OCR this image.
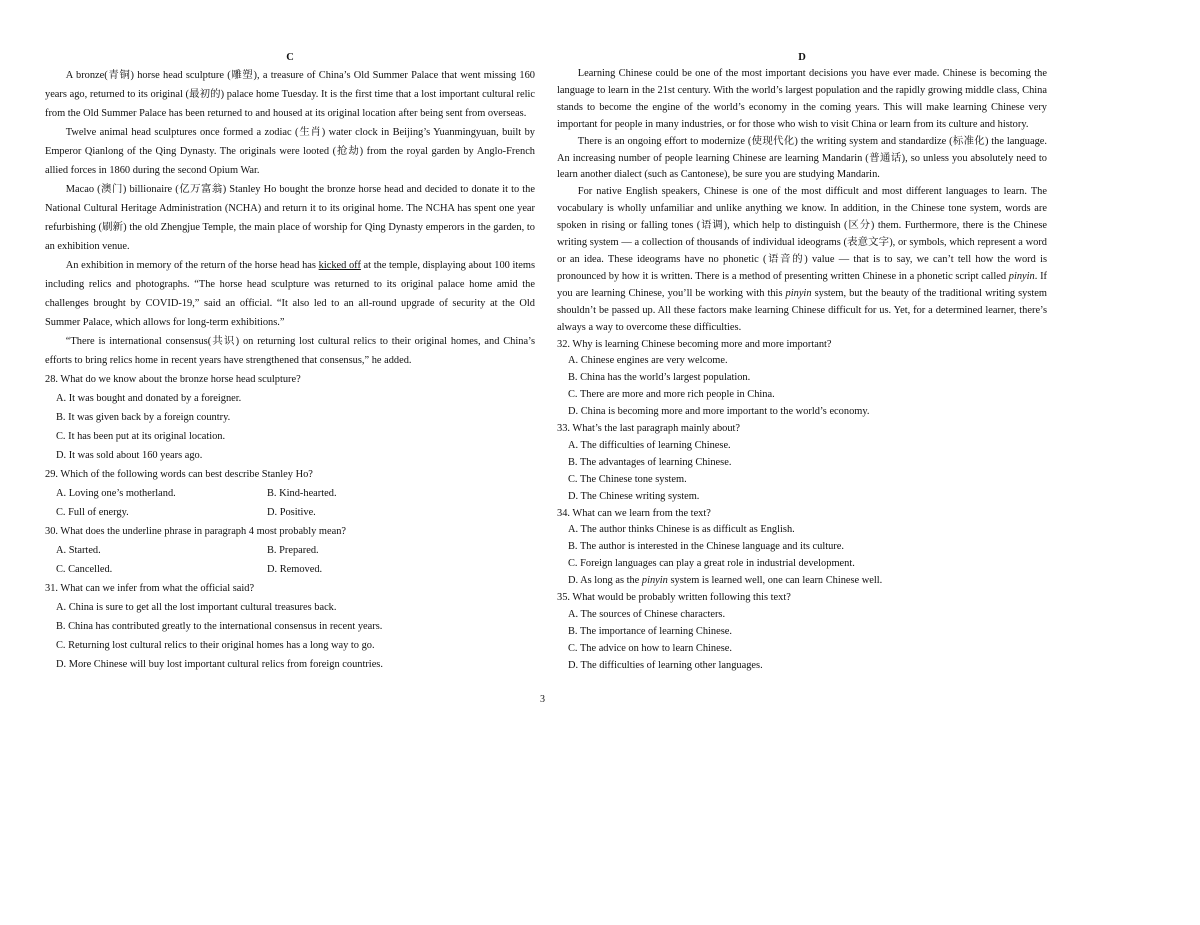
C

A bronze(青铜) horse head sculpture (雕塑), a treasure of China’s Old Summer Palace that went missing 160 years ago, returned to its original (最初的) palace home Tuesday. It is the first time that a lost important cultural relic from the Old Summer Palace has been returned to and housed at its original location after being sent from overseas.

Twelve animal head sculptures once formed a zodiac (生肖) water clock in Beijing’s Yuanmingyuan, built by Emperor Qianlong of the Qing Dynasty. The originals were looted (抢劫) from the royal garden by Anglo-French allied forces in 1860 during the second Opium War.

Macao (澳门) billionaire (亿万富翁) Stanley Ho bought the bronze horse head and decided to donate it to the National Cultural Heritage Administration (NCHA) and return it to its original home. The NCHA has spent one year refurbishing (刷新) the old Zhengjue Temple, the main place of worship for Qing Dynasty emperors in the garden, to an exhibition venue.

An exhibition in memory of the return of the horse head has kicked off at the temple, displaying about 100 items including relics and photographs. “The horse head sculpture was returned to its original palace home amid the challenges brought by COVID-19,” said an official. “It also led to an all-round upgrade of security at the Old Summer Palace, which allows for long-term exhibitions.”

“There is international consensus(共识) on returning lost cultural relics to their original homes, and China’s efforts to bring relics home in recent years have strengthened that consensus,” he added.

28. What do we know about the bronze horse head sculpture?

A. It was bought and donated by a foreigner.

B. It was given back by a foreign country.

C. It has been put at its original location.

D. It was sold about 160 years ago.

29. Which of the following words can best describe Stanley Ho?

A. Loving one’s motherland.	B. Kind-hearted.
C. Full of energy.	D. Positive.

30. What does the underline phrase in paragraph 4 most probably mean?

A. Started.	B. Prepared.
C. Cancelled.	D. Removed.

31. What can we infer from what the official said?

A. China is sure to get all the lost important cultural treasures back.

B. China has contributed greatly to the international consensus in recent years.

C. Returning lost cultural relics to their original homes has a long way to go.

D. More Chinese will buy lost important cultural relics from foreign countries.

D

Learning Chinese could be one of the most important decisions you have ever made. Chinese is becoming the language to learn in the 21st century. With the world’s largest population and the rapidly growing middle class, China stands to become the engine of the world’s economy in the coming years. This will make learning Chinese very important for people in many industries, or for those who wish to visit China or learn from its culture and history.

There is an ongoing effort to modernize (使现代化) the writing system and standardize (标准化) the language. An increasing number of people learning Chinese are learning Mandarin (普通话), so unless you absolutely need to learn another dialect (such as Cantonese), be sure you are studying Mandarin.

For native English speakers, Chinese is one of the most difficult and most different languages to learn. The vocabulary is wholly unfamiliar and unlike anything we know. In addition, in the Chinese tone system, words are spoken in rising or falling tones (语调), which help to distinguish (区分) them. Furthermore, there is the Chinese writing system — a collection of thousands of individual ideograms (表意文字), or symbols, which represent a word or an idea. These ideograms have no phonetic (语音的) value — that is to say, we can’t tell how the word is pronounced by how it is written. There is a method of presenting written Chinese in a phonetic script called pinyin. If you are learning Chinese, you’ll be working with this pinyin system, but the beauty of the traditional writing system shouldn’t be passed up. All these factors make learning Chinese difficult for us. Yet, for a determined learner, there’s always a way to overcome these difficulties.

32. Why is learning Chinese becoming more and more important?

A. Chinese engines are very welcome.

B. China has the world’s largest population.

C. There are more and more rich people in China.

D. China is becoming more and more important to the world’s economy.

33. What’s the last paragraph mainly about?

A. The difficulties of learning Chinese.

B. The advantages of learning Chinese.

C. The Chinese tone system.

D. The Chinese writing system.

34. What can we learn from the text?

A. The author thinks Chinese is as difficult as English.

B. The author is interested in the Chinese language and its culture.

C. Foreign languages can play a great role in industrial development.

D. As long as the pinyin system is learned well, one can learn Chinese well.

35. What would be probably written following this text?

A. The sources of Chinese characters.

B. The importance of learning Chinese.

C. The advice on how to learn Chinese.

D. The difficulties of learning other languages.

3
